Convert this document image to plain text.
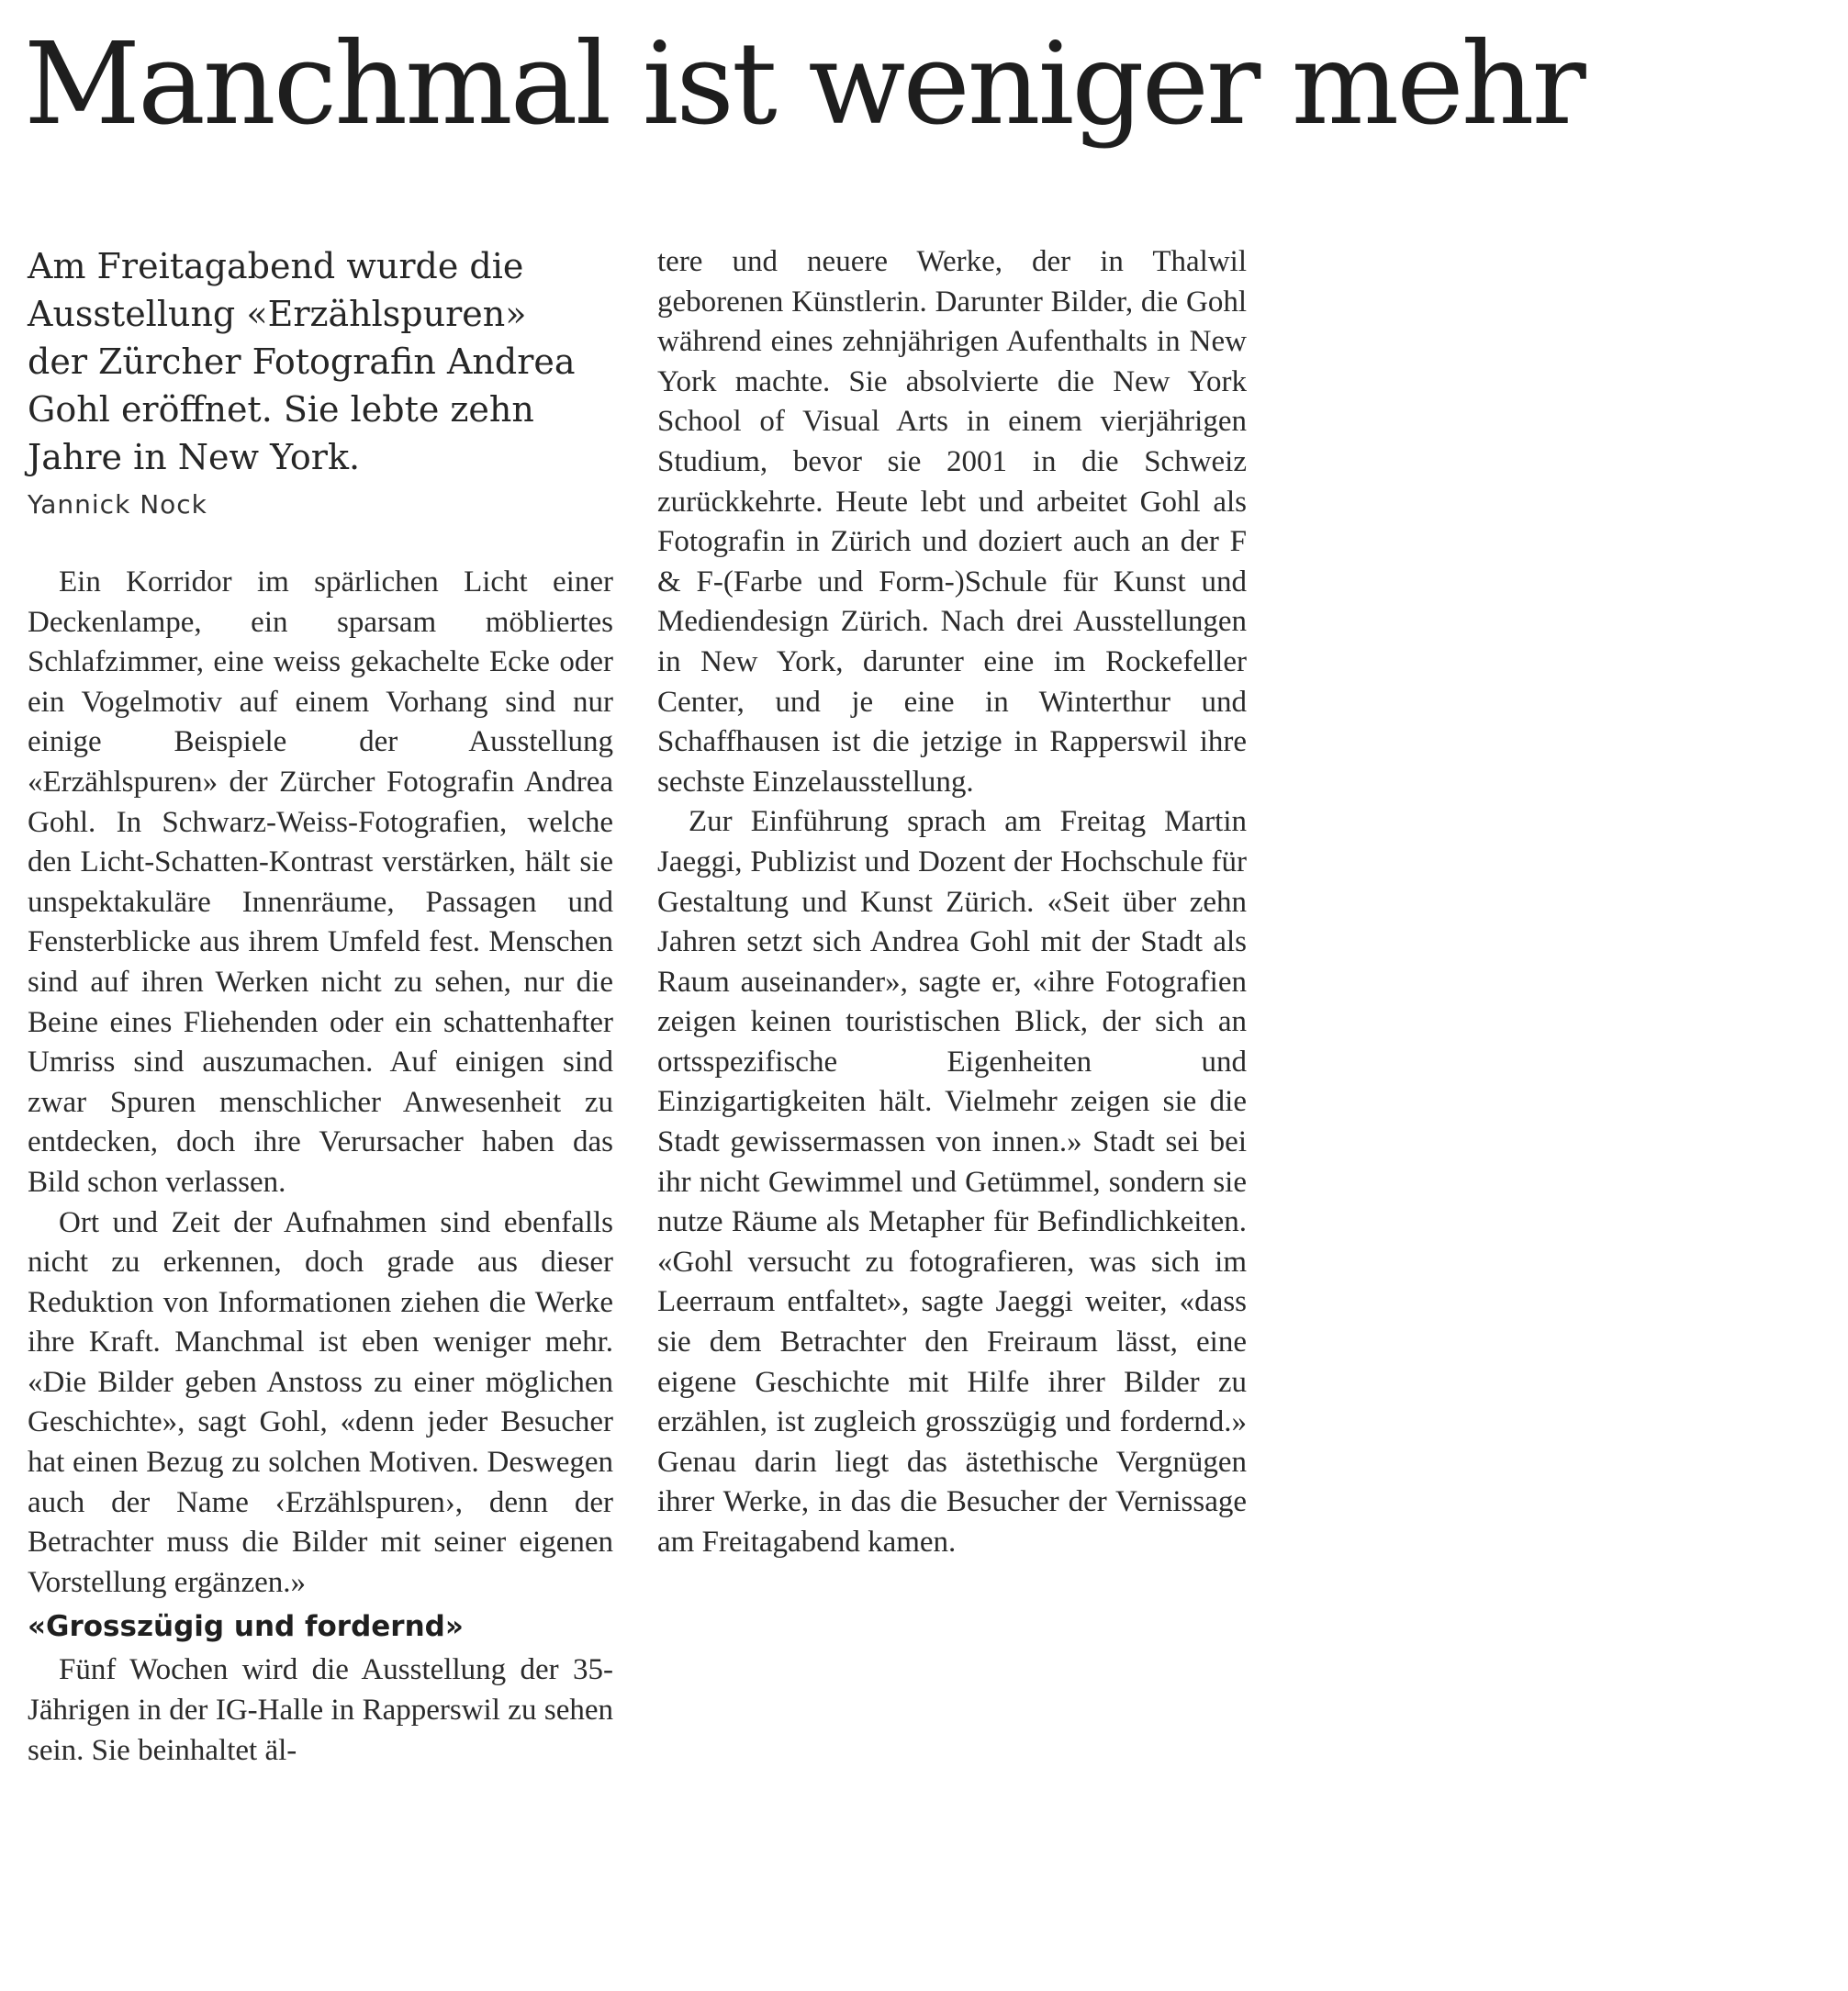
Manchmal ist weniger mehr

Am Freitagabend wurde die Ausstellung «Erzählspuren» der Zürcher Fotografin Andrea Gohl eröffnet. Sie lebte zehn Jahre in New York.

Yannick Nock

Ein Korridor im spärlichen Licht einer Deckenlampe, ein sparsam möbliertes Schlafzimmer, eine weiss gekachelte Ecke oder ein Vogelmotiv auf einem Vorhang sind nur einige Beispiele der Ausstellung «Erzählspuren» der Zürcher Fotografin Andrea Gohl. In Schwarz-Weiss-Fotografien, welche den Licht-Schatten-Kontrast verstärken, hält sie unspektakuläre Innenräume, Passagen und Fensterblicke aus ihrem Umfeld fest. Menschen sind auf ihren Werken nicht zu sehen, nur die Beine eines Fliehenden oder ein schattenhafter Umriss sind auszumachen. Auf einigen sind zwar Spuren menschlicher Anwesenheit zu entdecken, doch ihre Verursacher haben das Bild schon verlassen.

Ort und Zeit der Aufnahmen sind ebenfalls nicht zu erkennen, doch grade aus dieser Reduktion von Informationen ziehen die Werke ihre Kraft. Manchmal ist eben weniger mehr. «Die Bilder geben Anstoss zu einer möglichen Geschichte», sagt Gohl, «denn jeder Besucher hat einen Bezug zu solchen Motiven. Deswegen auch der Name ‹Erzählspuren›, denn der Betrachter muss die Bilder mit seiner eigenen Vorstellung ergänzen.»

«Grosszügig und fordernd»

Fünf Wochen wird die Ausstellung der 35-Jährigen in der IG-Halle in Rapperswil zu sehen sein. Sie beinhaltet äl-

tere und neuere Werke, der in Thalwil geborenen Künstlerin. Darunter Bilder, die Gohl während eines zehnjährigen Aufenthalts in New York machte. Sie absolvierte die New York School of Visual Arts in einem vierjährigen Studium, bevor sie 2001 in die Schweiz zurückkehrte. Heute lebt und arbeitet Gohl als Fotografin in Zürich und doziert auch an der F & F-(Farbe und Form-)Schule für Kunst und Mediendesign Zürich. Nach drei Ausstellungen in New York, darunter eine im Rockefeller Center, und je eine in Winterthur und Schaffhausen ist die jetzige in Rapperswil ihre sechste Einzelausstellung.

Zur Einführung sprach am Freitag Martin Jaeggi, Publizist und Dozent der Hochschule für Gestaltung und Kunst Zürich. «Seit über zehn Jahren setzt sich Andrea Gohl mit der Stadt als Raum auseinander», sagte er, «ihre Fotografien zeigen keinen touristischen Blick, der sich an ortsspezifische Eigenheiten und Einzigartigkeiten hält. Vielmehr zeigen sie die Stadt gewissermassen von innen.» Stadt sei bei ihr nicht Gewimmel und Getümmel, sondern sie nutze Räume als Metapher für Befindlichkeiten. «Gohl versucht zu fotografieren, was sich im Leerraum entfaltet», sagte Jaeggi weiter, «dass sie dem Betrachter den Freiraum lässt, eine eigene Geschichte mit Hilfe ihrer Bilder zu erzählen, ist zugleich grosszügig und fordernd.» Genau darin liegt das ästethische Vergnügen ihrer Werke, in das die Besucher der Vernissage am Freitagabend kamen.
